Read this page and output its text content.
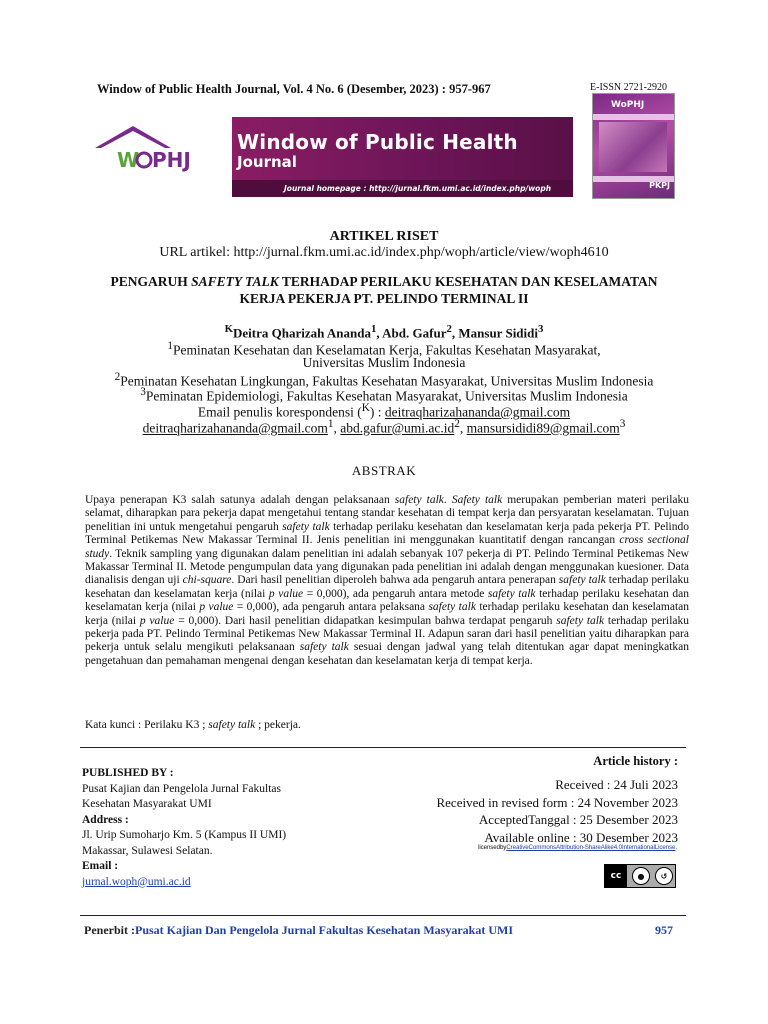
Window of Public Health Journal, Vol. 4 No. 6 (Desember, 2023) : 957-967	E-ISSN 2721-2920
W PHJ

Window of Public Health
Journal
Journal homepage : http://jurnal.fkm.umi.ac.id/index.php/woph
WoPHJ
PKPJ
ARTIKEL RISET
URL artikel: http://jurnal.fkm.umi.ac.id/index.php/woph/article/view/woph4610
PENGARUH SAFETY TALK TERHADAP PERILAKU KESEHATAN DAN KESELAMATAN
KERJA PEKERJA PT. PELINDO TERMINAL II
$^K$Deitra Qharizah Ananda$^1$, Abd. Gafur$^2$, Mansur Sididi$^3$
$^1$Peminatan Kesehatan dan Keselamatan Kerja, Fakultas Kesehatan Masyarakat,
Universitas Muslim Indonesia
$^2$Peminatan Kesehatan Lingkungan, Fakultas Kesehatan Masyarakat, Universitas Muslim Indonesia
$^3$Peminatan Epidemiologi, Fakultas Kesehatan Masyarakat, Universitas Muslim Indonesia
Email penulis korespondensi ($^K$) : deitraqharizahananda@gmail.com
deitraqharizahananda@gmail.com$^1$, $abd.gafur@umi.ac.id^2$, mansursididi89@gmail.com$^3$
ABSTRAK
Upaya penerapan K3 salah satunya adalah dengan pelaksanaan safety talk. Safety talk merupakan pemberian materi perilaku selamat, diharapkan para pekerja dapat mengetahui tentang standar kesehatan di tempat kerja dan persyaratan keselamatan. Tujuan penelitian ini untuk mengetahui pengaruh safety talk terhadap perilaku kesehatan dan keselamatan kerja pada pekerja PT. Pelindo Terminal Petikemas New Makassar Terminal II. Jenis penelitian ini menggunakan kuantitatif dengan rancangan cross sectional study. Teknik sampling yang digunakan dalam penelitian ini adalah sebanyak 107 pekerja di PT. Pelindo Terminal Petikemas New Makassar Terminal II. Metode pengumpulan data yang digunakan pada penelitian ini adalah dengan menggunakan kuesioner. Data dianalisis dengan uji chi-square. Dari hasil penelitian diperoleh bahwa ada pengaruh antara penerapan safety talk terhadap perilaku kesehatan dan keselamatan kerja (nilai p value = 0,000), ada pengaruh antara metode safety talk terhadap perilaku kesehatan dan keselamatan kerja (nilai p value = 0,000), ada pengaruh antara pelaksana safety talk terhadap perilaku kesehatan dan keselamatan kerja (nilai p value = 0,000). Dari hasil penelitian didapatkan kesimpulan bahwa terdapat pengaruh safety talk terhadap perilaku pekerja pada PT. Pelindo Terminal Petikemas New Makassar Terminal II. Adapun saran dari hasil penelitian yaitu diharapkan para pekerja untuk selalu mengikuti pelaksanaan safety talk sesuai dengan jadwal yang telah ditentukan agar dapat meningkatkan pengetahuan dan pemahaman mengenai dengan kesehatan dan keselamatan kerja di tempat kerja.
Kata kunci : Perilaku K3 ; safety talk ; pekerja.
PUBLISHED BY :
Pusat Kajian dan Pengelola Jurnal Fakultas
Kesehatan Masyarakat UMI
Address :
Jl. Urip Sumoharjo Km. 5 (Kampus II UMI)
Makassar, Sulawesi Selatan.
Email :
jurnal.woph@umi.ac.id
Article history :
Received : 24 Juli 2023
Received in revised form : 24 November 2023
AcceptedTanggal : 25 Desember 2023
Available online : 30 Desember 2023
licensedbyCreativeCommonsAttribution-ShareAlike4.0InternationalLicense.
cc	●	↺
Penerbit :Pusat Kajian Dan Pengelola Jurnal Fakultas Kesehatan Masyarakat UMI	957
